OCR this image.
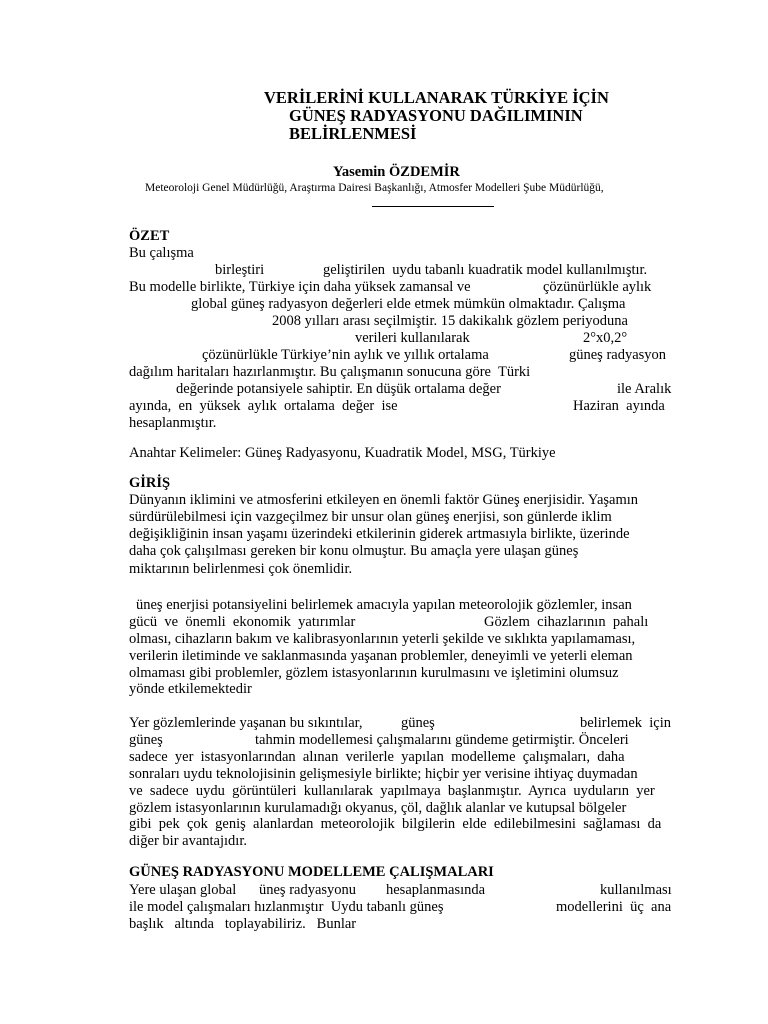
VERİLERİNİ KULLANARAK TÜRKİYE İÇİN

GÜNEŞ RADYASYONU DAĞILIMININ

BELİRLENMESİ

Yasemin ÖZDEMİR

Meteoroloji Genel Müdürlüğü, Araştırma Dairesi Başkanlığı, Atmosfer Modelleri Şube Müdürlüğü,

ÖZET

Bu çalışma

birleştiri	geliştirilen  uydu tabanlı kuadratik model kullanılmıştır.

Bu modelle birlikte, Türkiye için daha yüksek zamansal ve	çözünürlükle aylık

global güneş radyasyon değerleri elde etmek mümkün olmaktadır. Çalışma

2008 yılları arası seçilmiştir. 15 dakikalık gözlem periyoduna

verileri kullanılarak	2°x0,2°

çözünürlükle Türkiye’nin aylık ve yıllık ortalama	güneş radyasyon

dağılım haritaları hazırlanmıştır. Bu çalışmanın sonucuna göre  Türki

değerinde potansiyele sahiptir. En düşük ortalama değer	ile Aralık

ayında,  en  yüksek  aylık  ortalama  değer  ise	Haziran  ayında

hesaplanmıştır.

Anahtar Kelimeler: Güneş Radyasyonu, Kuadratik Model, MSG, Türkiye

GİRİŞ

Dünyanın iklimini ve atmosferini etkileyen en önemli faktör Güneş enerjisidir. Yaşamın

sürdürülebilmesi için vazgeçilmez bir unsur olan güneş enerjisi, son günlerde iklim

değişikliğinin insan yaşamı üzerindeki etkilerinin giderek artmasıyla birlikte, üzerinde

daha çok çalışılması gereken bir konu olmuştur. Bu amaçla yere ulaşan güneş

miktarının belirlenmesi çok önemlidir.

üneş enerjisi potansiyelini belirlemek amacıyla yapılan meteorolojik gözlemler, insan

gücü  ve  önemli  ekonomik  yatırımlar	Gözlem  cihazlarının  pahalı

olması, cihazların bakım ve kalibrasyonlarının yeterli şekilde ve sıklıkta yapılamaması,

verilerin iletiminde ve saklanmasında yaşanan problemler, deneyimli ve yeterli eleman

olmaması gibi problemler, gözlem istasyonlarının kurulmasını ve işletimini olumsuz

yönde etkilemektedir

Yer gözlemlerinde yaşanan bu sıkıntılar,	güneş	belirlemek  için

güneş	tahmin modellemesi çalışmalarını gündeme getirmiştir. Önceleri

sadece  yer  istasyonlarından  alınan  verilerle  yapılan  modelleme  çalışmaları,  daha

sonraları uydu teknolojisinin gelişmesiyle birlikte; hiçbir yer verisine ihtiyaç duymadan

ve  sadece  uydu  görüntüleri  kullanılarak  yapılmaya  başlanmıştır.  Ayrıca  uyduların  yer

gözlem istasyonlarının kurulamadığı okyanus, çöl, dağlık alanlar ve kutupsal bölgeler

gibi  pek  çok  geniş  alanlardan  meteorolojik  bilgilerin  elde  edilebilmesini  sağlaması  da

diğer bir avantajıdır.

GÜNEŞ RADYASYONU MODELLEME ÇALIŞMALARI

Yere ulaşan global üneş radyasyonu hesaplanmasında	kullanılması

ile model çalışmaları hızlanmıştır  Uydu tabanlı güneş	modellerini  üç  ana

başlık   altında   toplayabiliriz.   Bunlar
